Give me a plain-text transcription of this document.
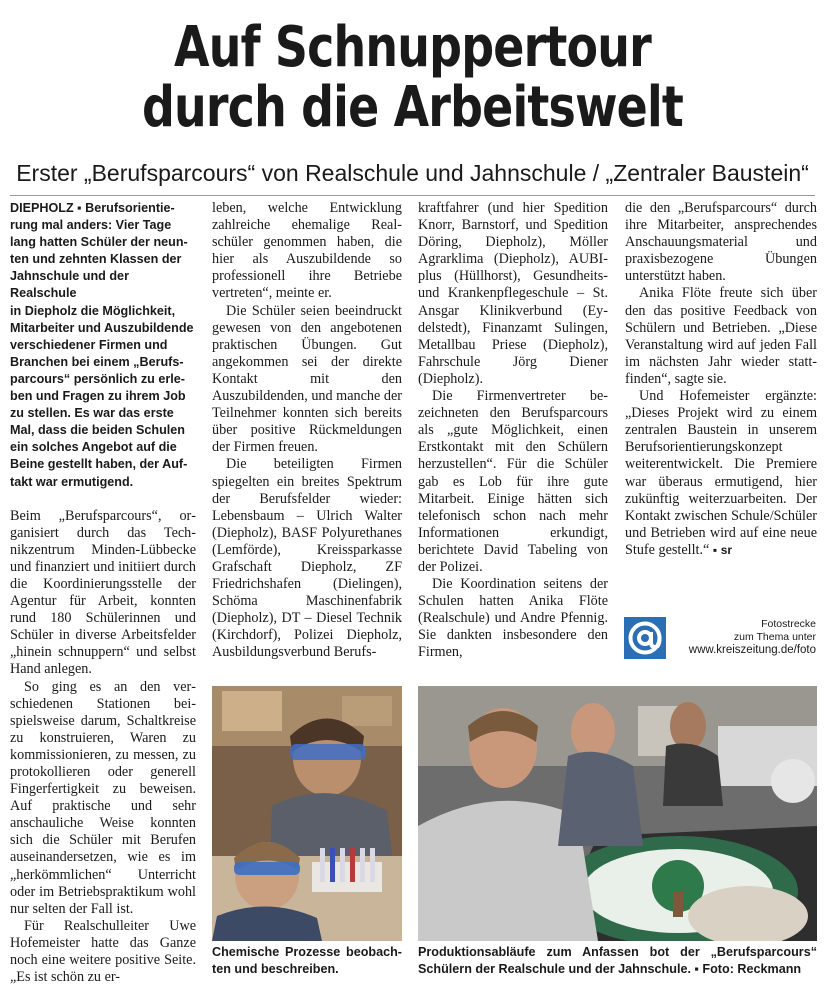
Auf Schnuppertour
durch die Arbeitswelt
Erster „Berufsparcours“ von Realschule und Jahnschule / „Zentraler Baustein“

DIEPHOLZ ▪ Berufsorientie-
rung mal anders: Vier Tage
lang hatten Schüler der neun-
ten und zehnten Klassen der
Jahnschule und der Realschule
in Diepholz die Möglichkeit,
Mitarbeiter und Auszubildende
verschiedener Firmen und
Branchen bei einem „Berufs-
parcours“ persönlich zu erle-
ben und Fragen zu ihrem Job
zu stellen. Es war das erste
Mal, dass die beiden Schulen
ein solches Angebot auf die
Beine gestellt haben, der Auf-
takt war ermutigend.

Beim „Berufsparcours“, organisiert durch das Technikzentrum Minden-Lübbecke und finanziert und initiiert durch die Koordinierungsstelle der Agentur für Arbeit, konnten rund 180 Schülerinnen und Schüler in diverse Arbeitsfelder „hinein schnuppern“ und selbst Hand anlegen.

So ging es an den verschiedenen Stationen beispielsweise darum, Schaltkreise zu konstruieren, Waren zu kommissionieren, zu messen, zu protokollieren oder generell Fingerfertigkeit zu beweisen. Auf praktische und sehr anschauliche Weise konnten sich die Schüler mit Berufen auseinandersetzen, wie es im „herkömmlichen“ Unterricht oder im Betriebspraktikum wohl nur selten der Fall ist.

Für Realschulleiter Uwe Hofemeister hatte das Ganze noch eine weitere positive Seite. „Es ist schön zu er-

leben, welche Entwicklung zahlreiche ehemalige Realschüler genommen haben, die hier als Auszubildende so professionell ihre Betriebe vertreten“, meinte er.

Die Schüler seien beeindruckt gewesen von den angebotenen praktischen Übungen. Gut angekommen sei der direkte Kontakt mit den Auszubildenden, und manche der Teilnehmer konnten sich bereits über positive Rückmeldungen der Firmen freuen.

Die beteiligten Firmen spiegelten ein breites Spektrum der Berufsfelder wieder: Lebensbaum – Ulrich Walter (Diepholz), BASF Polyurethanes (Lemförde), Kreissparkasse Grafschaft Diepholz, ZF Friedrichshafen (Dielingen), Schöma Maschinenfabrik (Diepholz), DT – Diesel Technik (Kirchdorf), Polizei Diepholz, Ausbildungsverbund Berufs-

kraftfahrer (und hier Spedition Knorr, Barnstorf, und Spedition Döring, Diepholz), Möller Agrarklima (Diepholz), AUBI-plus (Hüllhorst), Gesundheits- und Krankenpflegeschule – St. Ansgar Klinikverbund (Eydelstedt), Finanzamt Sulingen, Metallbau Priese (Diepholz), Fahrschule Jörg Diener (Diepholz).

Die Firmenvertreter bezeichneten den Berufsparcours als „gute Möglichkeit, einen Erstkontakt mit den Schülern herzustellen“. Für die Schüler gab es Lob für ihre gute Mitarbeit. Einige hätten sich telefonisch schon nach mehr Informationen erkundigt, berichtete David Tabeling von der Polizei.

Die Koordination seitens der Schulen hatten Anika Flöte (Realschule) und Andre Pfennig. Sie dankten insbesondere den Firmen,

die den „Berufsparcours“ durch ihre Mitarbeiter, ansprechendes Anschauungsmaterial und praxisbezogene Übungen unterstützt haben.

Anika Flöte freute sich über den das positive Feedback von Schülern und Betrieben. „Diese Veranstaltung wird auf jeden Fall im nächsten Jahr wieder stattfinden“, sagte sie.

Und Hofemeister ergänzte: „Dieses Projekt wird zu einem zentralen Baustein in unserem Berufsorientierungskonzept weiterentwickelt. Die Premiere war überaus ermutigend, hier zukünftig weiterzuarbeiten. Der Kontakt zwischen Schule/Schüler und Betrieben wird auf eine neue Stufe gestellt.“ ▪ sr

Fotostrecke
zum Thema unter
www.kreiszeitung.de/foto
Chemische Prozesse beobachten und beschreiben.
Produktionsabläufe zum Anfassen bot der „Berufsparcours“ Schülern der Realschule und der Jahnschule. ▪ Foto: Reckmann
